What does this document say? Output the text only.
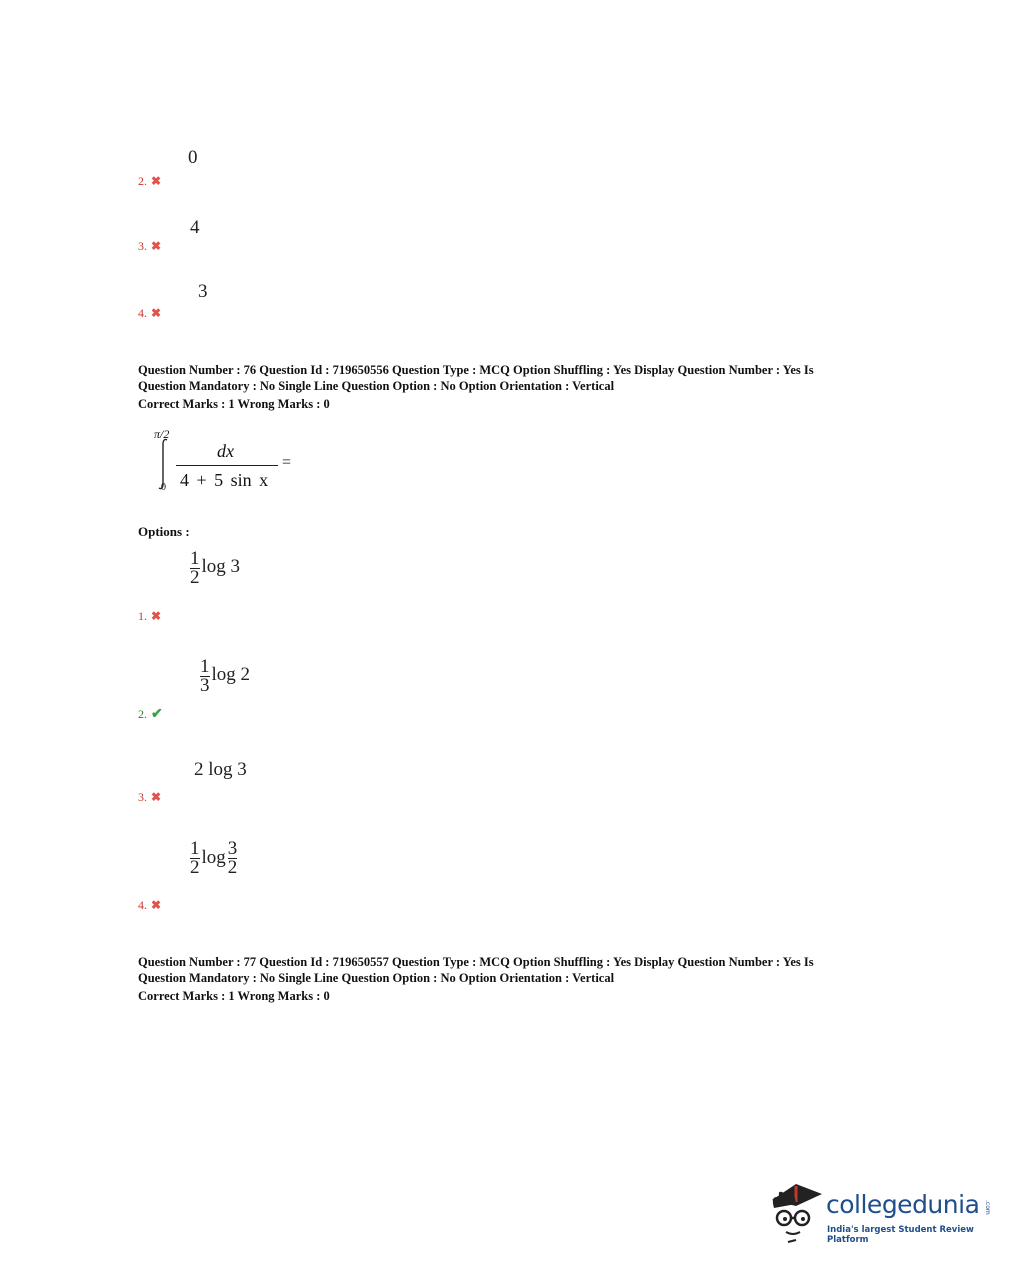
0
2. ✖
4
3. ✖
3
4. ✖
Question Number : 76 Question Id : 719650556 Question Type : MCQ Option Shuffling : Yes Display Question Number : Yes Is
Question Mandatory : No Single Line Question Option : No Option Orientation : Vertical
Correct Marks : 1 Wrong Marks : 0
π/2
0
dx
4 + 5 sin x
=
Options :
$\frac{1}{2}$ log 3
1. ✖
$\frac{1}{3}$ log 2
2. ✔
2 log 3
3. ✖
$\frac{1}{2}$ $\log \frac{3}{2}$
4. ✖
Question Number : 77 Question Id : 719650557 Question Type : MCQ Option Shuffling : Yes Display Question Number : Yes Is
Question Mandatory : No Single Line Question Option : No Option Orientation : Vertical
Correct Marks : 1 Wrong Marks : 0
collegedunia .com
India's largest Student Review Platform
